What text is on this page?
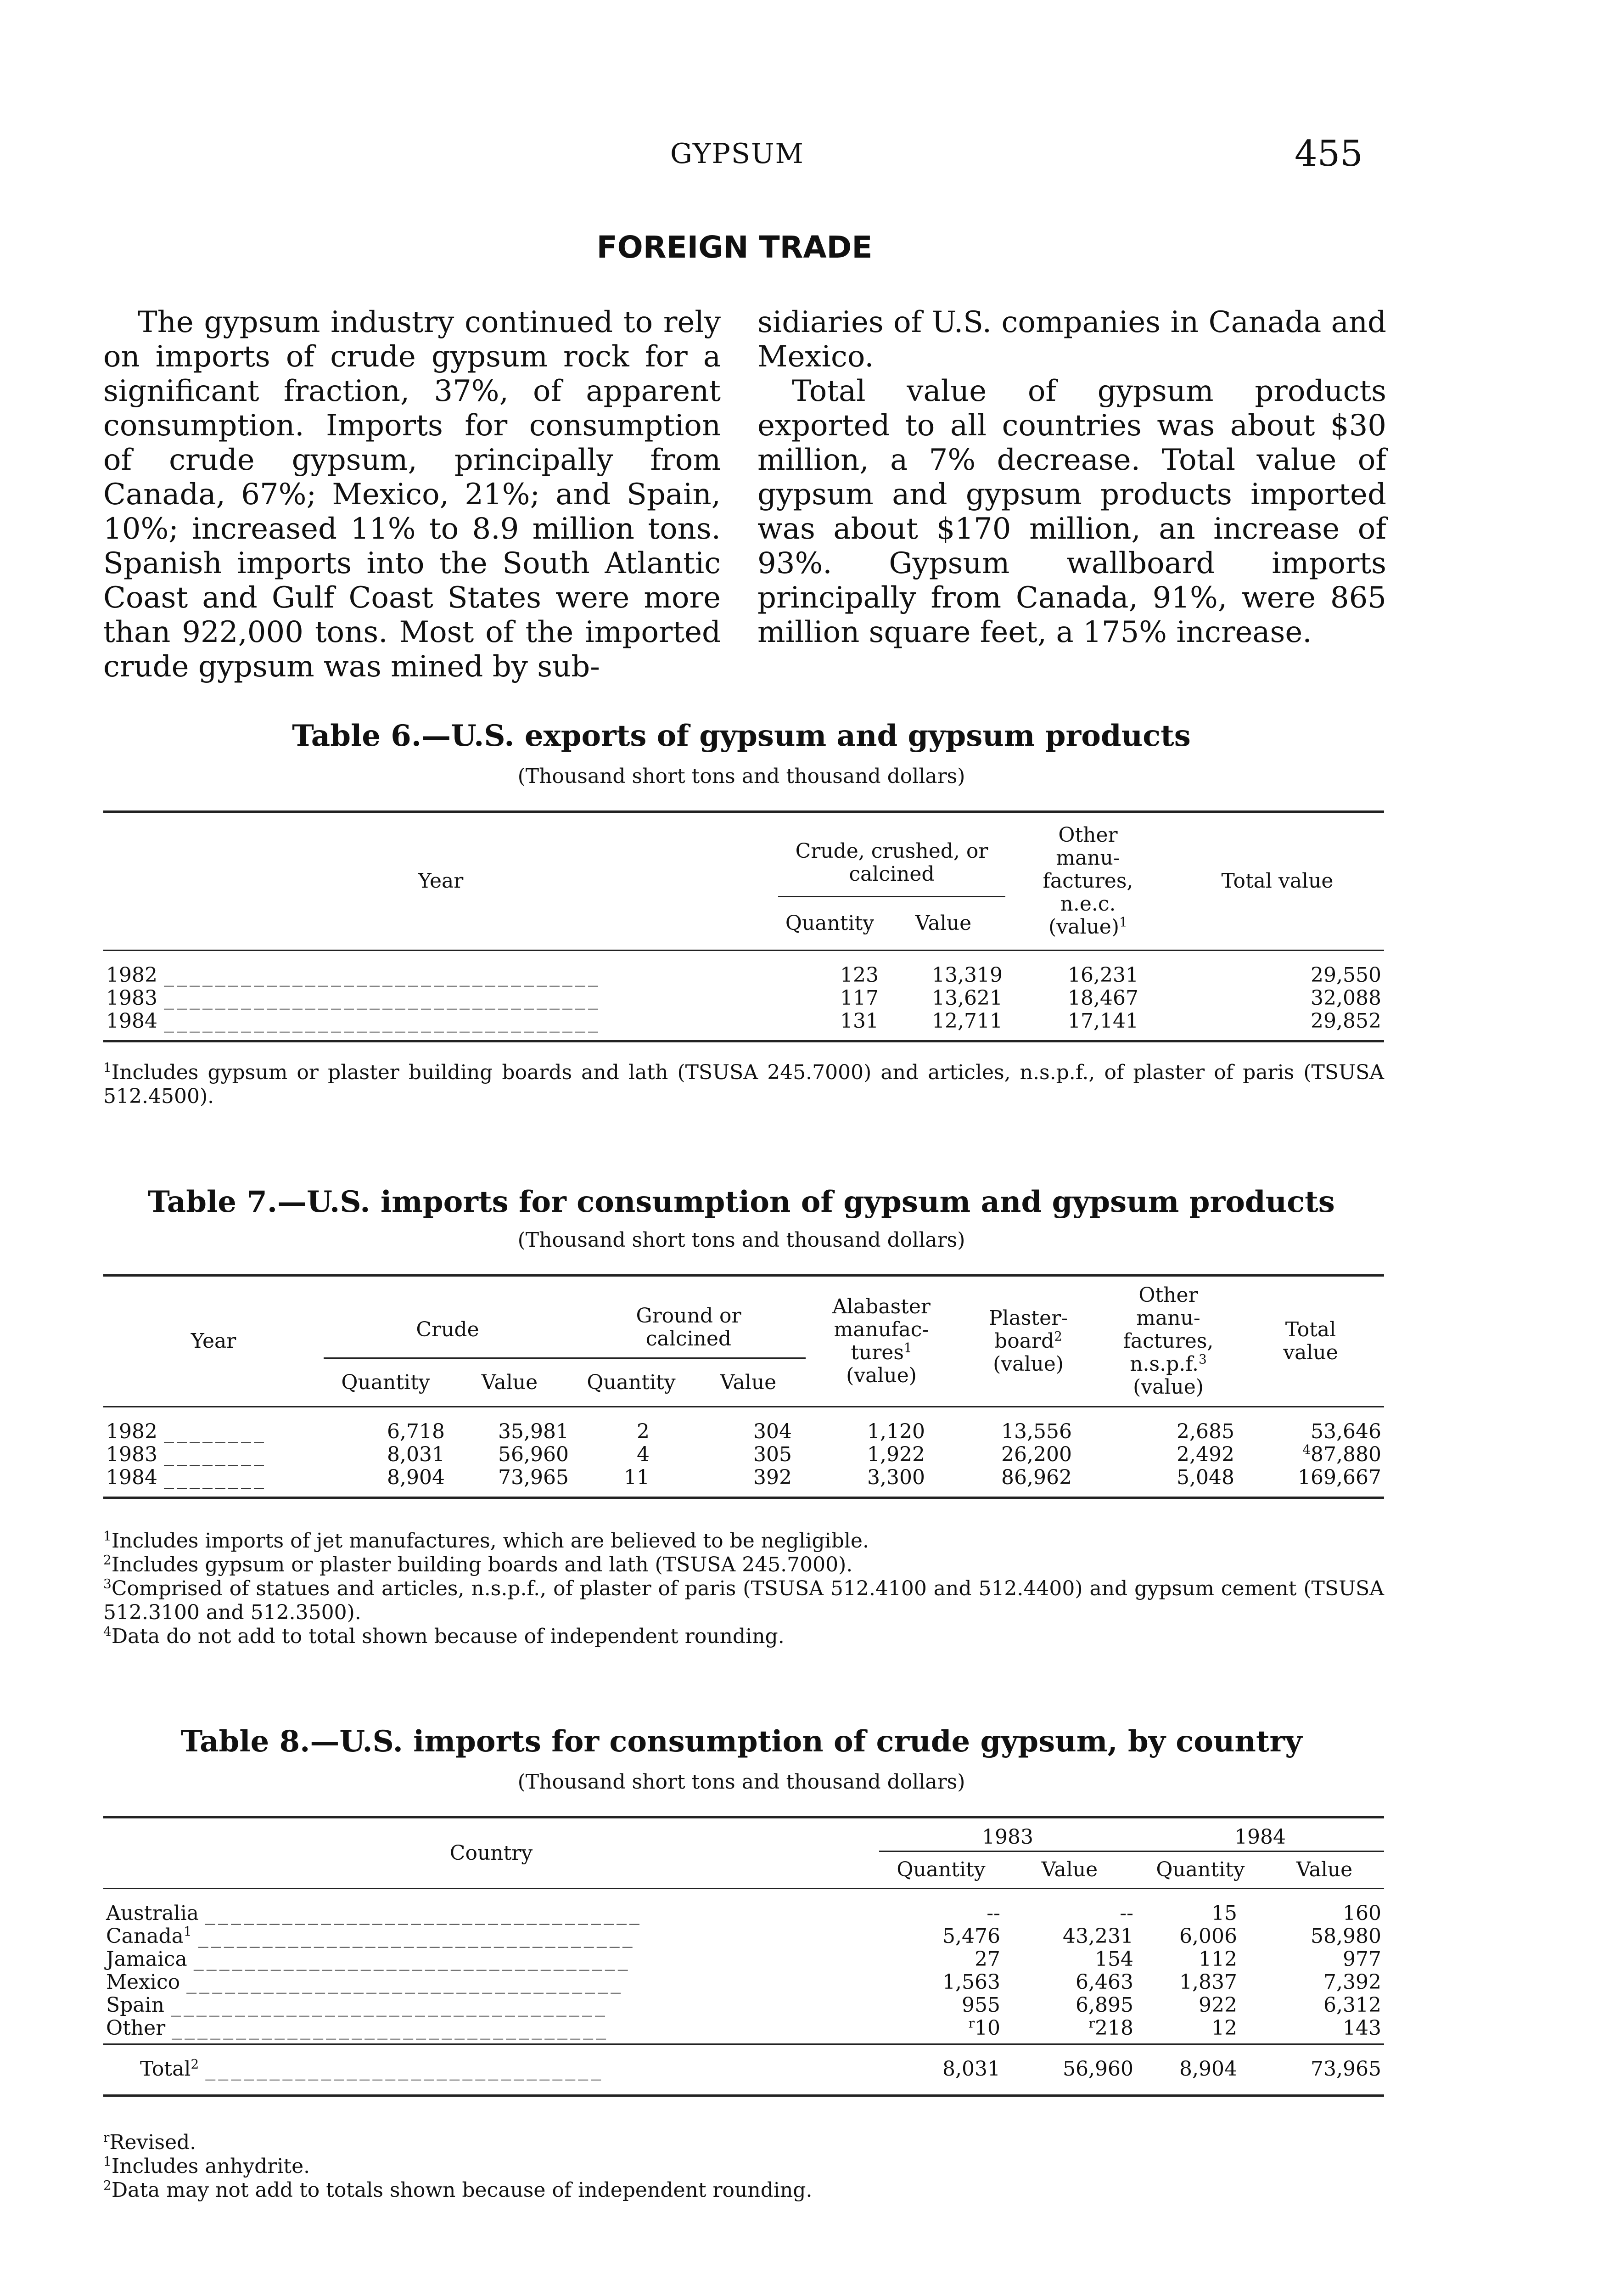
GYPSUM	455
FOREIGN TRADE

The gypsum industry continued to rely on imports of crude gypsum rock for a significant fraction, 37%, of apparent consumption. Imports for consumption of crude gypsum, principally from Canada, 67%; Mexico, 21%; and Spain, 10%; increased 11% to 8.9 million tons. Spanish imports into the South Atlantic Coast and Gulf Coast States were more than 922,000 tons. Most of the imported crude gypsum was mined by sub-

sidiaries of U.S. companies in Canada and Mexico.

Total value of gypsum products exported to all countries was about $30 million, a 7% decrease. Total value of gypsum and gypsum products imported was about $170 million, an increase of 93%. Gypsum wallboard imports principally from Canada, 91%, were 865 million square feet, a 175% increase.

Table 6.—U.S. exports of gypsum and gypsum products
(Thousand short tons and thousand dollars)
Year	Crude, crushed, or calcined		Other manu- factures, n.e.c. (value)$^1$	Total value
	Quantity	Value		

1982 __________________________________	123	13,319	16,231	29,550
1983 __________________________________	117	13,621	18,467	32,088
1984 __________________________________	131	12,711	17,141	29,852

$^1$Includes gypsum or plaster building boards and lath (TSUSA 245.7000) and articles, n.s.p.f., of plaster of paris (TSUSA 512.4500).

Table 7.—U.S. imports for consumption of gypsum and gypsum products
(Thousand short tons and thousand dollars)
Year	Crude		Ground or calcined		Alabaster manufac- tures$^1$
(value)	Plaster- board$^2$
(value)	Other manu- factures, n.s.p.f.$^3$
(value)	Total value
	Quantity	Value	Quantity	Value				

1982 ________	6,718	35,981	2	304	1,120	13,556	2,685	53,646
1983 ________	8,031	56,960	4	305	1,922	26,200	2,492	$^4$87,880
1984 ________	8,904	73,965	11	392	3,300	86,962	5,048	169,667

$^1$Includes imports of jet manufactures, which are believed to be negligible.

$^2$Includes gypsum or plaster building boards and lath (TSUSA 245.7000).

$^3$Comprised of statues and articles, n.s.p.f., of plaster of paris (TSUSA 512.4100 and 512.4400) and gypsum cement (TSUSA 512.3100 and 512.3500).

$^4$Data do not add to total shown because of independent rounding.

Table 8.—U.S. imports for consumption of crude gypsum, by country
(Thousand short tons and thousand dollars)
Country	1983		1984	
	Quantity	Value	Quantity	Value

Australia __________________________________	--	--	15	160
Canada$^1$ __________________________________	5,476	43,231	6,006	58,980
Jamaica __________________________________	27	154	112	977
Mexico __________________________________	1,563	6,463	1,837	7,392
Spain __________________________________	955	6,895	922	6,312
Other __________________________________	$^r$10	$^r$218	12	143

Total$^2$ _______________________________	8,031	56,960	8,904	73,965

$^r$Revised.

$^1$Includes anhydrite.

$^2$Data may not add to totals shown because of independent rounding.
